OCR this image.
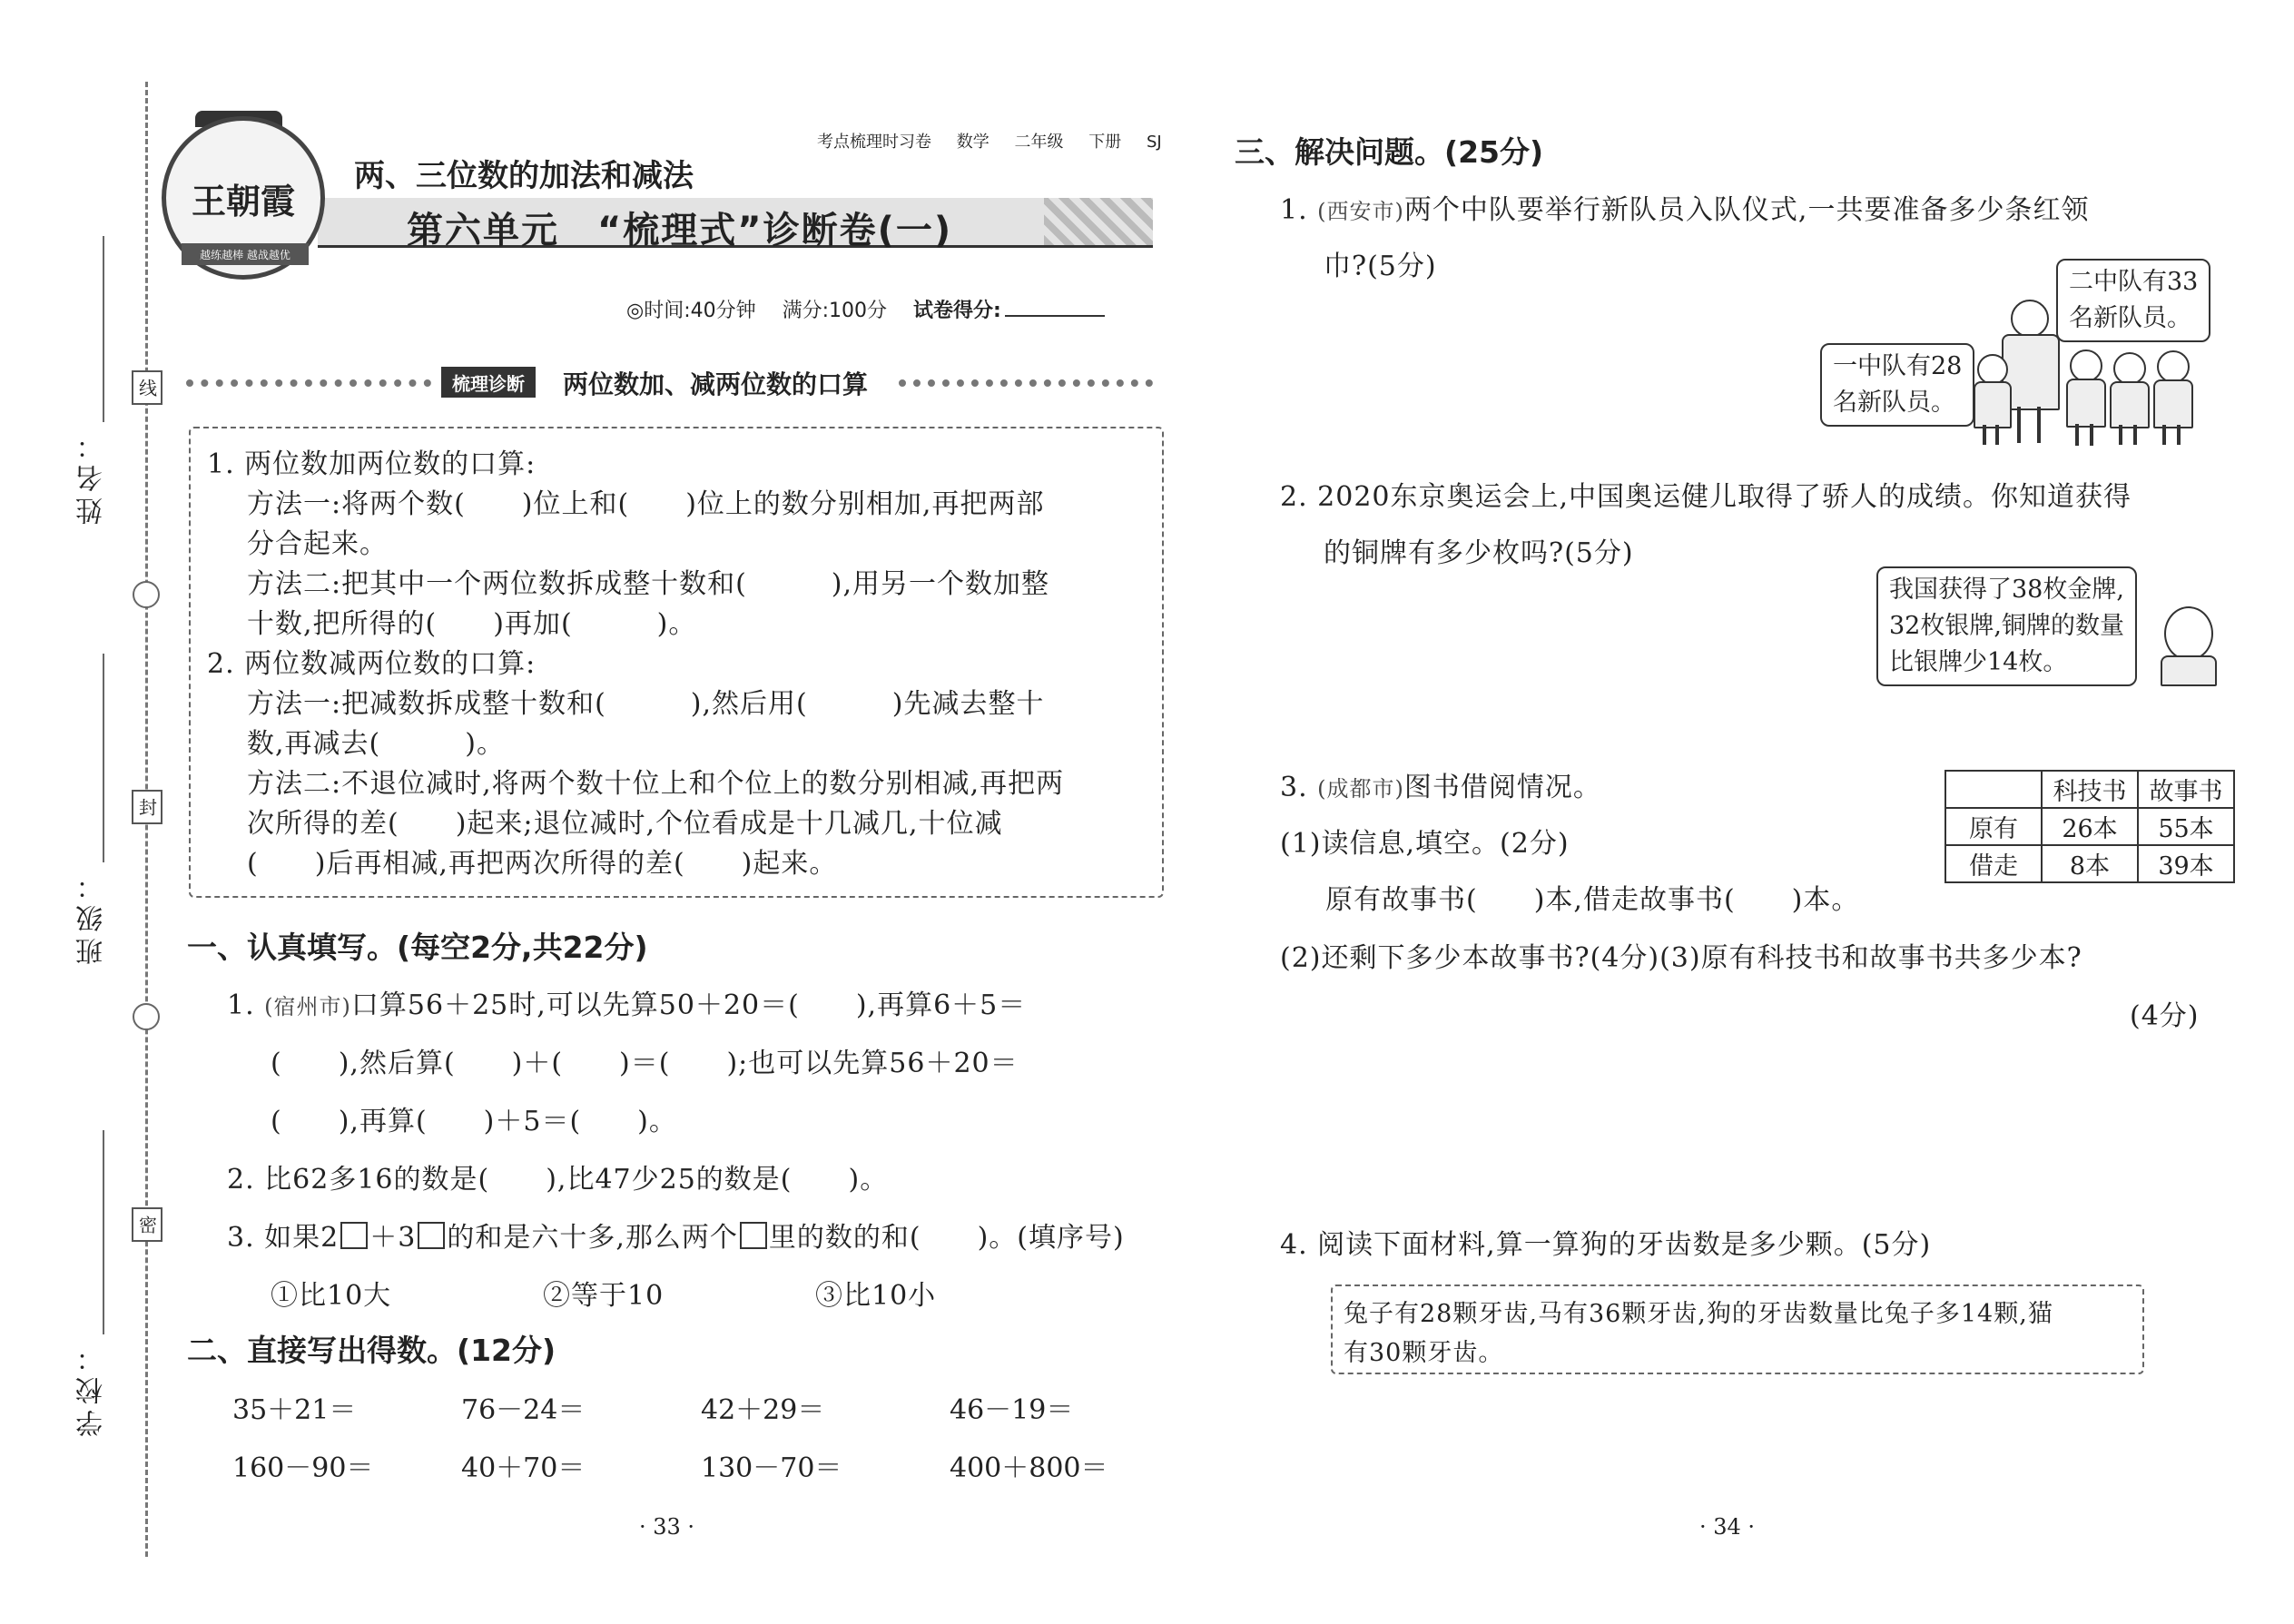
姓名：
班级：
学校：
线
封
密
王朝霞
越练越棒 越战越优
考点梳理时习卷 数学 二年级 下册 SJ
两、三位数的加法和减法
第六单元　“梳理式”诊断卷(一)
◎时间:40分钟 满分:100分 试卷得分:
梳理诊断	两位数加、减两位数的口算
1. 两位数加两位数的口算:
方法一:将两个数(　　)位上和(　　)位上的数分别相加,再把两部
分合起来。
方法二:把其中一个两位数拆成整十数和(　　　),用另一个数加整
十数,把所得的(　　)再加(　　　)。
2. 两位数减两位数的口算:
方法一:把减数拆成整十数和(　　　),然后用(　　　)先减去整十
数,再减去(　　　)。
方法二:不退位减时,将两个数十位上和个位上的数分别相减,再把两
次所得的差(　　)起来;退位减时,个位看成是十几减几,十位减
(　　)后再相减,再把两次所得的差(　　)起来。
一、认真填写。(每空2分,共22分)
1. (宿州市)口算56＋25时,可以先算50＋20＝(　　),再算6＋5＝
(　　),然后算(　　)＋(　　)＝(　　);也可以先算56＋20＝
(　　),再算(　　)＋5＝(　　)。
2. 比62多16的数是(　　),比47少25的数是(　　)。
3. 如果2 ＋3 的和是六十多,那么两个 里的数的和(　　)。(填序号)
①比10大	②等于10	③比10小
二、直接写出得数。(12分)
35＋21＝	76－24＝	42＋29＝	46－19＝
160－90＝	40＋70＝	130－70＝	400＋800＝
· 33 ·
三、解决问题。(25分)
1. (西安市)两个中队要举行新队员入队仪式,一共要准备多少条红领
巾?(5分)	二中队有33
名新队员。
一中队有28
名新队员。
2. 2020东京奥运会上,中国奥运健儿取得了骄人的成绩。你知道获得
的铜牌有多少枚吗?(5分)
我国获得了38枚金牌,
32枚银牌,铜牌的数量
比银牌少14枚。
3. (成都市)图书借阅情况。
		科技书	故事书
原有	26本	55本
借走	8本	39本
(1)读信息,填空。(2分)
原有故事书(　　)本,借走故事书(　　)本。
(2)还剩下多少本故事书?(4分)(3)原有科技书和故事书共多少本?
(4分)
4. 阅读下面材料,算一算狗的牙齿数是多少颗。(5分)
兔子有28颗牙齿,马有36颗牙齿,狗的牙齿数量比兔子多14颗,猫
有30颗牙齿。
· 34 ·
